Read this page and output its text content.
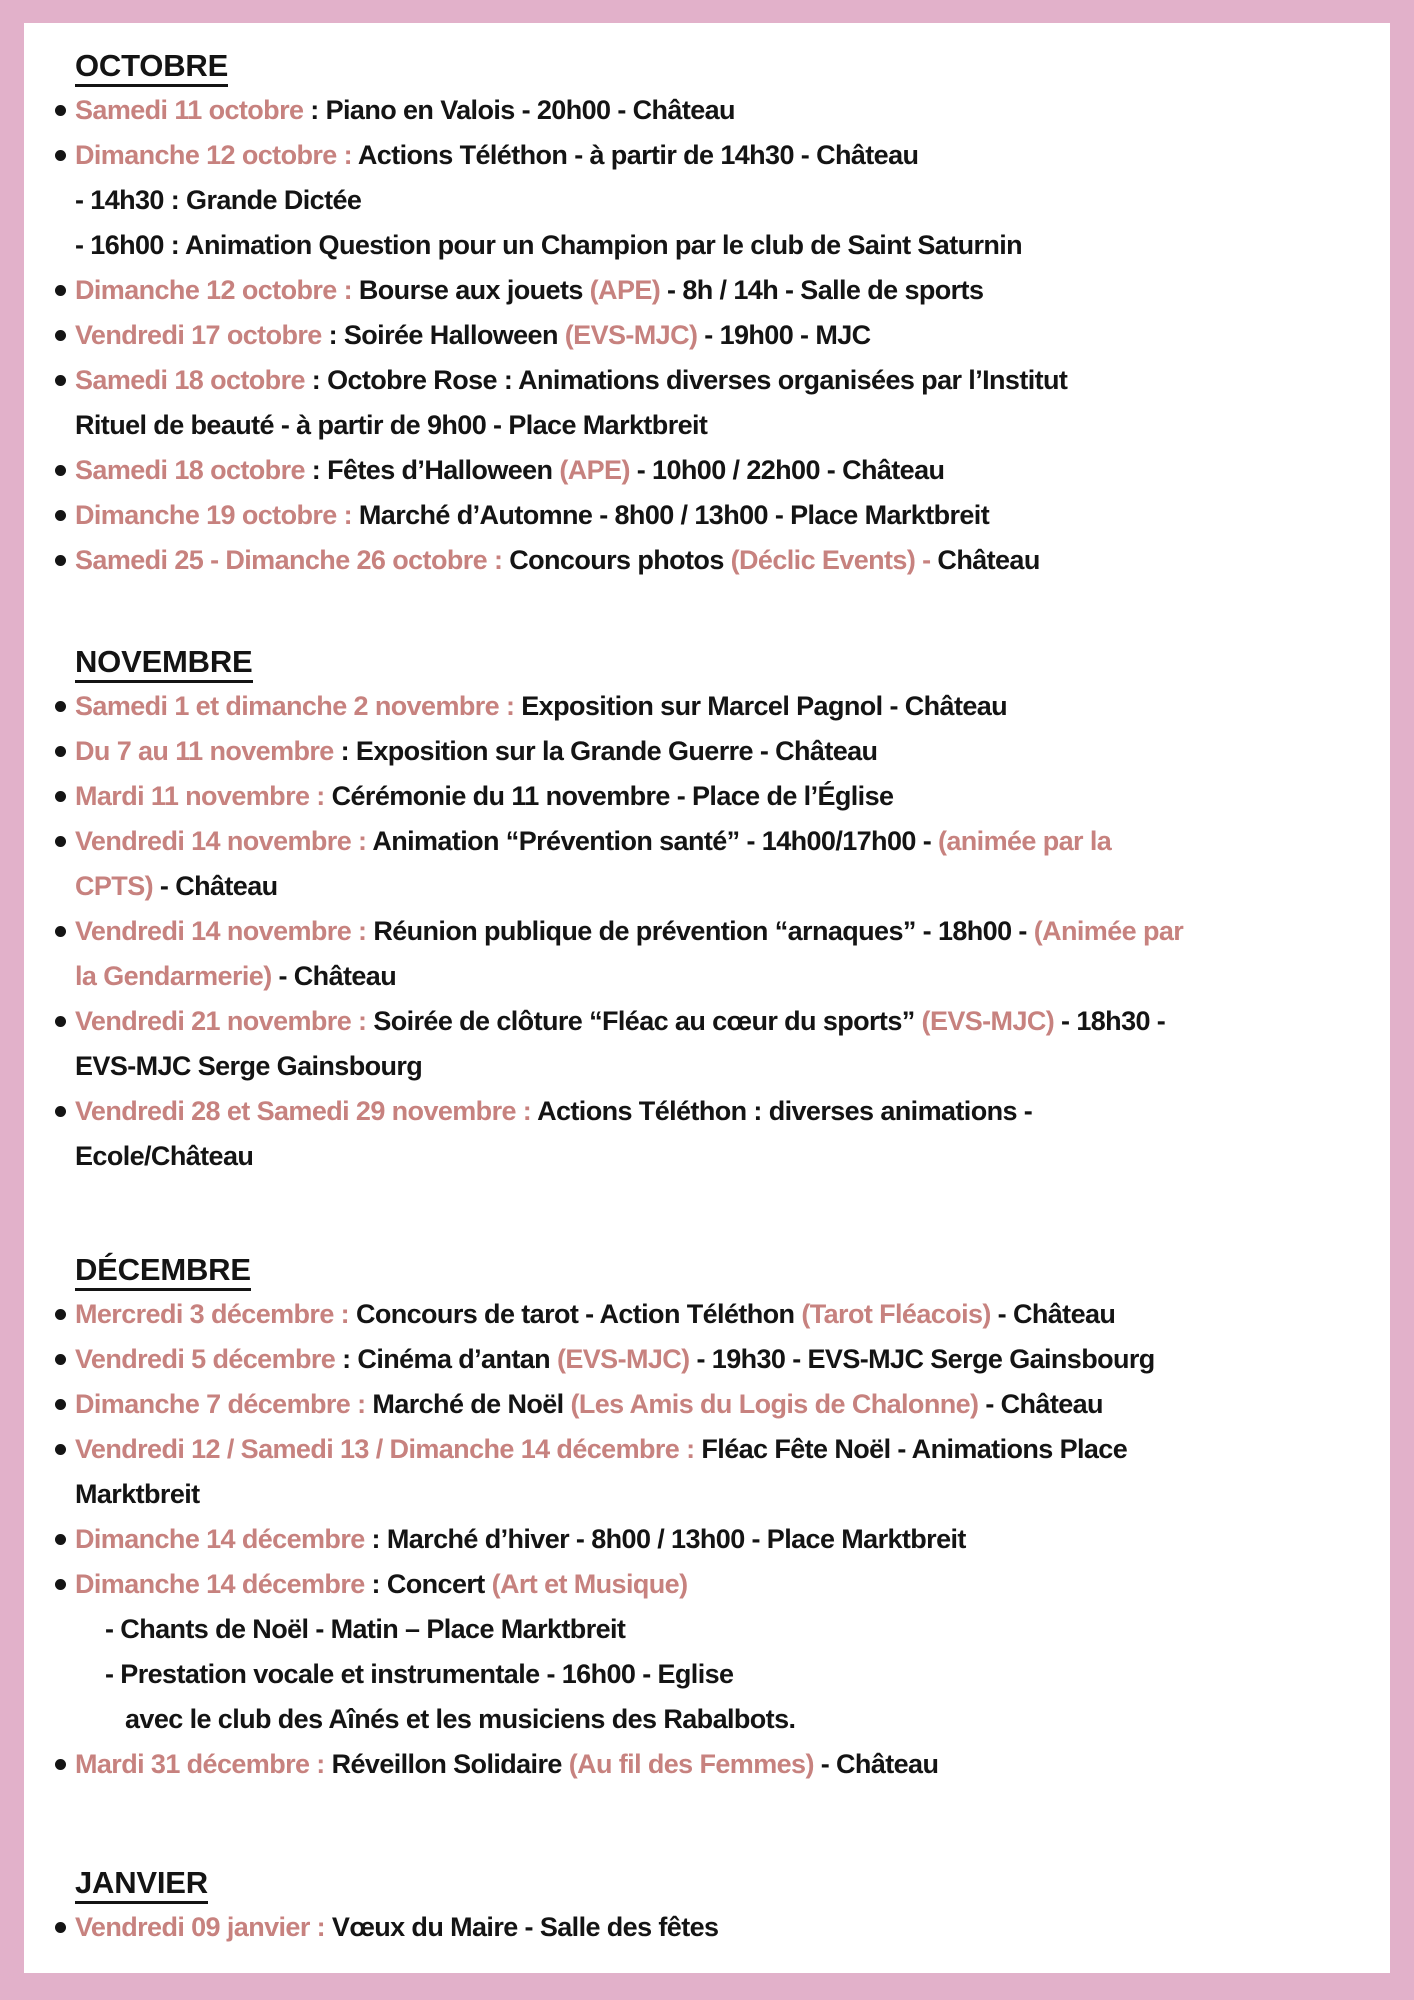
OCTOBRE
Samedi 11 octobre : Piano en Valois - 20h00 - Château
Dimanche 12 octobre : Actions Téléthon - à partir de 14h30 - Château
- 14h30 : Grande Dictée
- 16h00 : Animation Question pour un Champion par le club de Saint Saturnin
Dimanche 12 octobre : Bourse aux jouets (APE) - 8h / 14h - Salle de sports
Vendredi 17 octobre : Soirée Halloween (EVS-MJC) - 19h00 - MJC
Samedi 18 octobre : Octobre Rose : Animations diverses organisées par l’Institut
Rituel de beauté - à partir de 9h00 - Place Marktbreit
Samedi 18 octobre : Fêtes d’Halloween (APE) - 10h00 / 22h00 - Château
Dimanche 19 octobre : Marché d’Automne - 8h00 / 13h00 - Place Marktbreit
Samedi 25 - Dimanche 26 octobre : Concours photos (Déclic Events) - Château
NOVEMBRE
Samedi 1 et dimanche 2 novembre : Exposition sur Marcel Pagnol - Château
Du 7 au 11 novembre : Exposition sur la Grande Guerre - Château
Mardi 11 novembre : Cérémonie du 11 novembre - Place de l’Église
Vendredi 14 novembre : Animation “Prévention santé” - 14h00/17h00 - (animée par la
CPTS) - Château
Vendredi 14 novembre : Réunion publique de prévention “arnaques” - 18h00 - (Animée par
la Gendarmerie) - Château
Vendredi 21 novembre : Soirée de clôture “Fléac au cœur du sports” (EVS-MJC) - 18h30 -
EVS-MJC Serge Gainsbourg
Vendredi 28 et Samedi 29 novembre : Actions Téléthon : diverses animations -
Ecole/Château
DÉCEMBRE
Mercredi 3 décembre : Concours de tarot - Action Téléthon (Tarot Fléacois) - Château
Vendredi 5 décembre : Cinéma d’antan (EVS-MJC) - 19h30 - EVS-MJC Serge Gainsbourg
Dimanche 7 décembre : Marché de Noël (Les Amis du Logis de Chalonne) - Château
Vendredi 12 / Samedi 13 / Dimanche 14 décembre : Fléac Fête Noël - Animations Place
Marktbreit
Dimanche 14 décembre : Marché d’hiver - 8h00 / 13h00 - Place Marktbreit
Dimanche 14 décembre : Concert (Art et Musique)
- Chants de Noël - Matin – Place Marktbreit
- Prestation vocale et instrumentale - 16h00 - Eglise
avec le club des Aînés et les musiciens des Rabalbots.
Mardi 31 décembre : Réveillon Solidaire (Au fil des Femmes) - Château
JANVIER
Vendredi 09 janvier : Vœux du Maire - Salle des fêtes
